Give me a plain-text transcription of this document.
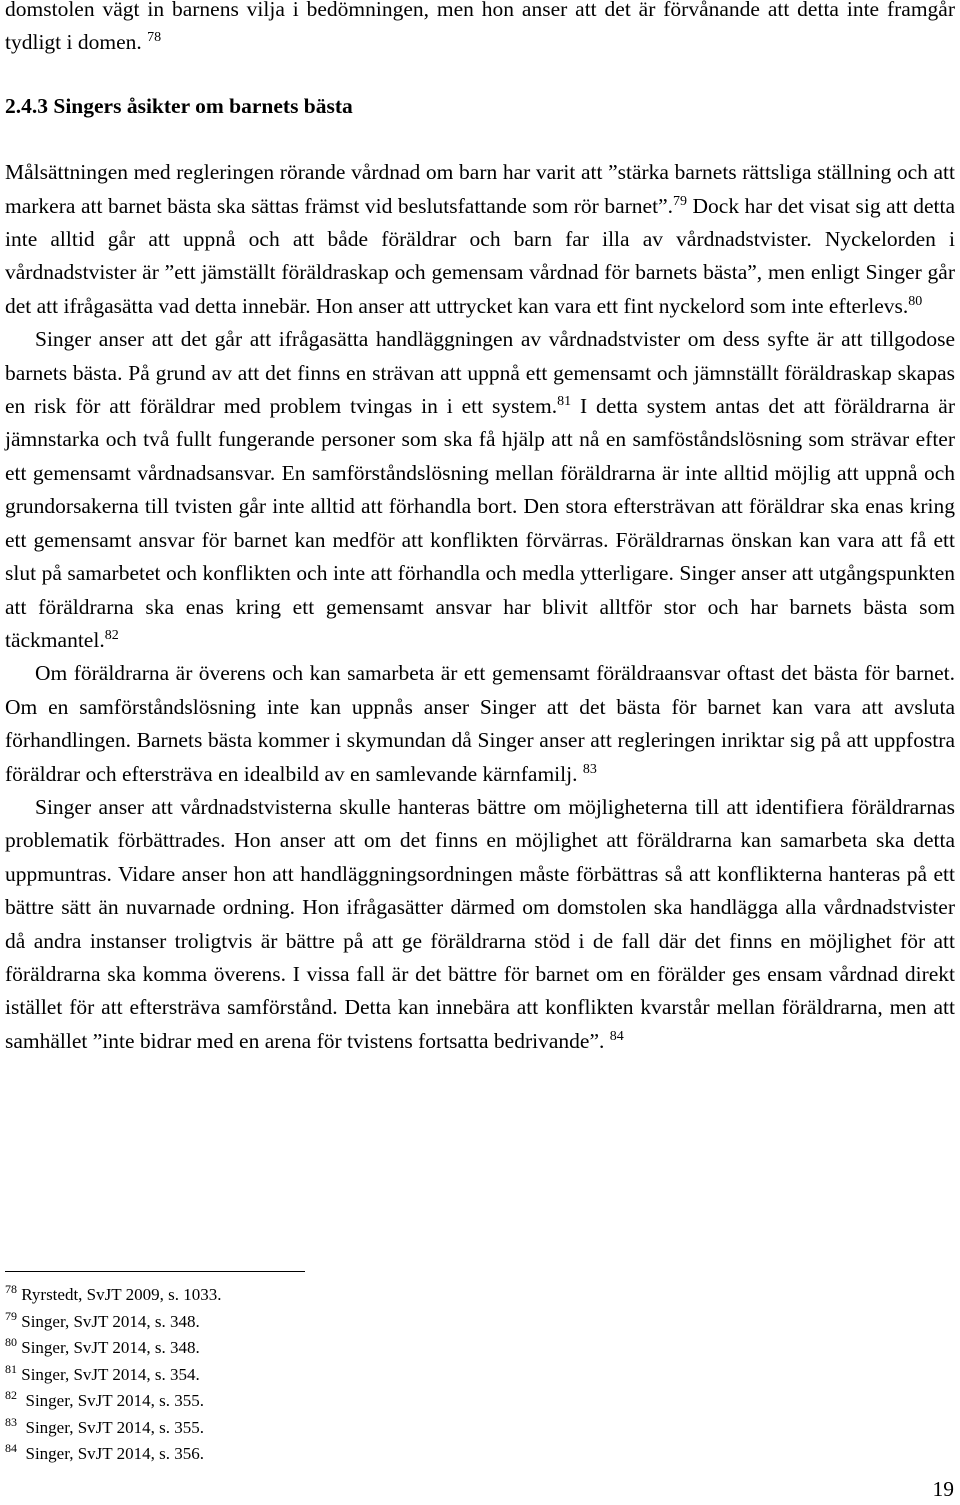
domstolen vägt in barnens vilja i bedömningen, men hon anser att det är förvånande att detta inte framgår tydligt i domen. $^{78}$

2.4.3 Singers åsikter om barnets bästa

Målsättningen med regleringen rörande vårdnad om barn har varit att ”stärka barnets rättsliga ställning och att markera att barnet bästa ska sättas främst vid beslutsfattande som rör barnet”.$^{79}$ Dock har det visat sig att detta inte alltid går att uppnå och att både föräldrar och barn far illa av vårdnadstvister. Nyckelorden i vårdnadstvister är ”ett jämställt föräldraskap och gemensam vårdnad för barnets bästa”, men enligt Singer går det att ifrågasätta vad detta innebär. Hon anser att uttrycket kan vara ett fint nyckelord som inte efterlevs.$^{80}$

Singer anser att det går att ifrågasätta handläggningen av vårdnadstvister om dess syfte är att tillgodose barnets bästa. På grund av att det finns en strävan att uppnå ett gemensamt och jämnställt föräldraskap skapas en risk för att föräldrar med problem tvingas in i ett system.$^{81}$ I detta system antas det att föräldrarna är jämnstarka och två fullt fungerande personer som ska få hjälp att nå en samföståndslösning som strävar efter ett gemensamt vårdnadsansvar. En samförståndslösning mellan föräldrarna är inte alltid möjlig att uppnå och grundorsakerna till tvisten går inte alltid att förhandla bort. Den stora eftersträvan att föräldrar ska enas kring ett gemensamt ansvar för barnet kan medför att konflikten förvärras. Föräldrarnas önskan kan vara att få ett slut på samarbetet och konflikten och inte att förhandla och medla ytterligare. Singer anser att utgångspunkten att föräldrarna ska enas kring ett gemensamt ansvar har blivit alltför stor och har barnets bästa som täckmantel.$^{82}$

Om föräldrarna är överens och kan samarbeta är ett gemensamt föräldraansvar oftast det bästa för barnet. Om en samförståndslösning inte kan uppnås anser Singer att det bästa för barnet kan vara att avsluta förhandlingen. Barnets bästa kommer i skymundan då Singer anser att regleringen inriktar sig på att uppfostra föräldrar och eftersträva en idealbild av en samlevande kärnfamilj. $^{83}$

Singer anser att vårdnadstvisterna skulle hanteras bättre om möjligheterna till att identifiera föräldrarnas problematik förbättrades. Hon anser att om det finns en möjlighet att föräldrarna kan samarbeta ska detta uppmuntras. Vidare anser hon att handläggningsordningen måste förbättras så att konflikterna hanteras på ett bättre sätt än nuvarnade ordning. Hon ifrågasätter därmed om domstolen ska handlägga alla vårdnadstvister då andra instanser troligtvis är bättre på att ge föräldrarna stöd i de fall där det finns en möjlighet för att föräldrarna ska komma överens. I vissa fall är det bättre för barnet om en förälder ges ensam vårdnad direkt istället för att eftersträva samförstånd. Detta kan innebära att konflikten kvarstår mellan föräldrarna, men att samhället ”inte bidrar med en arena för tvistens fortsatta bedrivande”. $^{84}$

$^{78}$ Ryrstedt, SvJT 2009, s. 1033.
$^{79}$ Singer, SvJT 2014, s. 348.
$^{80}$ Singer, SvJT 2014, s. 348.
$^{81}$ Singer, SvJT 2014, s. 354.
$^{82}$ Singer, SvJT 2014, s. 355.
$^{83}$ Singer, SvJT 2014, s. 355.
$^{84}$ Singer, SvJT 2014, s. 356.
19
